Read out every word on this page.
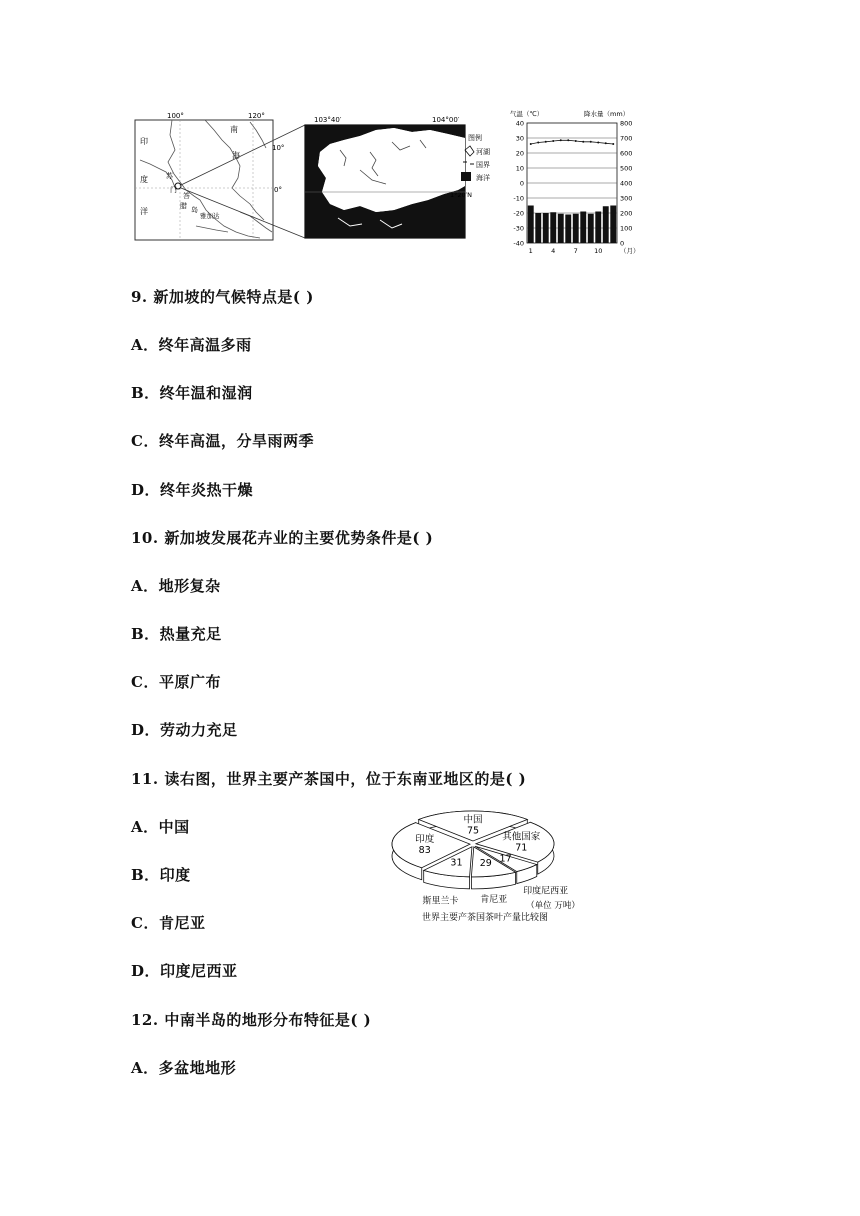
100°	120°
10°
0°
南
海
印
度
洋
苏
门
答
腊 岛
雅加达
103°40′	104°00′
1°20′N
图例
河湖
国界
海洋
气温（℃）	降水量（mm）
40	800
30	700
20	600
10	500
0	400
-10	300
-20	200
-30	100
-40	0
1	4	7	10	（月）
9. 新加坡的气候特点是( )
A．终年高温多雨
B．终年温和湿润
C．终年高温，分旱雨两季
D．终年炎热干燥
10. 新加坡发展花卉业的主要优势条件是( )
A．地形复杂
B．热量充足
C．平原广布
D．劳动力充足
11. 读右图，世界主要产茶国中，位于东南亚地区的是( )
A．中国
B．印度
C．肯尼亚
D．印度尼西亚
中国
75
其他国家
71
17
印度尼西亚
29
肯尼亚
31
斯里兰卡
印度
83
世界主要产茶国茶叶产量比较图
（单位 万吨）
12. 中南半岛的地形分布特征是( )
A．多盆地地形
